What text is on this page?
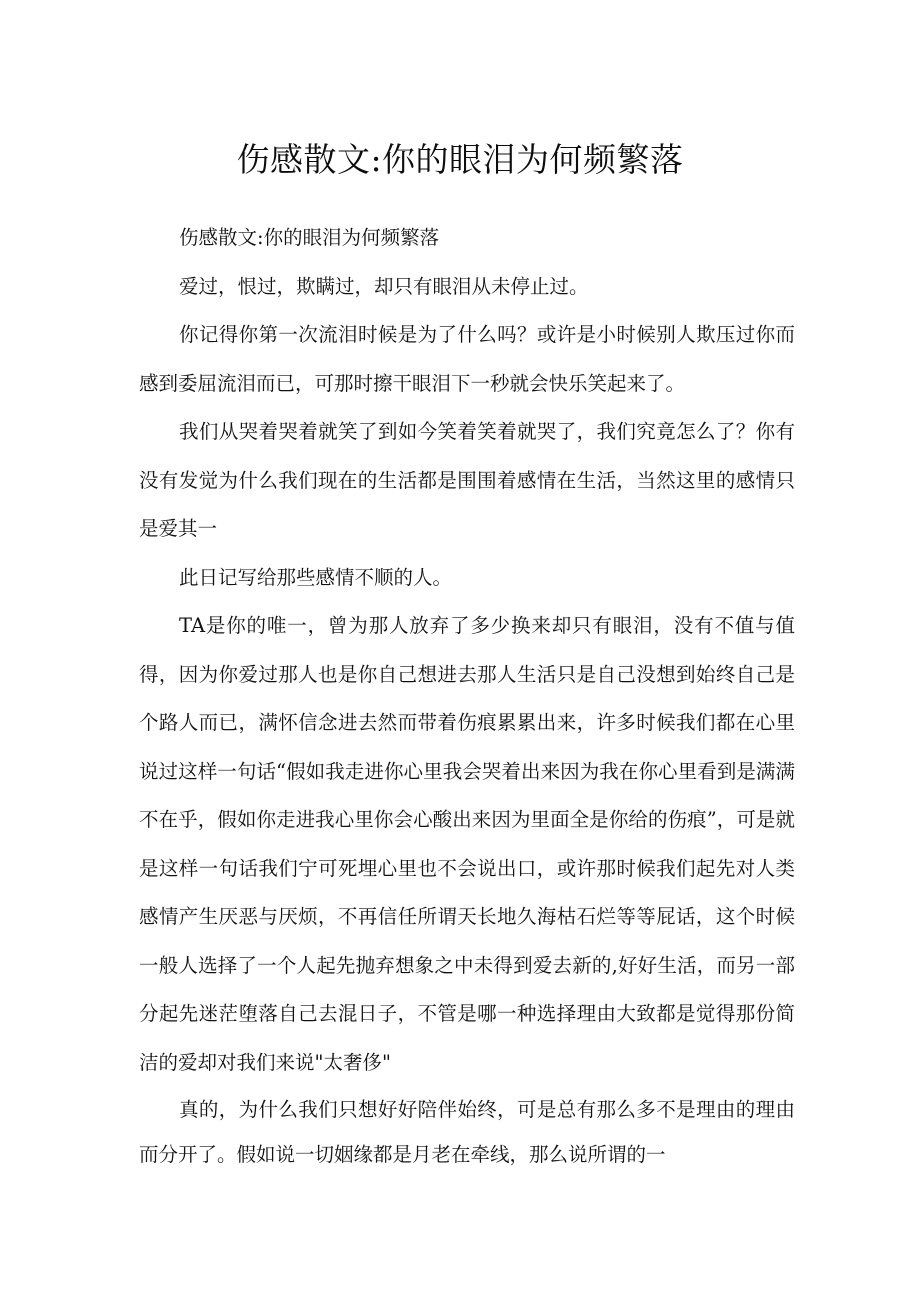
伤感散文:你的眼泪为何频繁落

伤感散文:你的眼泪为何频繁落

爱过，恨过，欺瞒过，却只有眼泪从未停止过。

你记得你第一次流泪时候是为了什么吗？或许是小时候别人欺压过你而感到委屈流泪而已，可那时擦干眼泪下一秒就会快乐笑起来了。

我们从哭着哭着就笑了到如今笑着笑着就哭了，我们究竟怎么了？你有没有发觉为什么我们现在的生活都是围围着感情在生活，当然这里的感情只是爱其一

此日记写给那些感情不顺的人。

TA是你的唯一，曾为那人放弃了多少换来却只有眼泪，没有不值与值得，因为你爱过那人也是你自己想进去那人生活只是自己没想到始终自己是个路人而已，满怀信念进去然而带着伤痕累累出来，许多时候我们都在心里说过这样一句话“假如我走进你心里我会哭着出来因为我在你心里看到是满满不在乎，假如你走进我心里你会心酸出来因为里面全是你给的伤痕”，可是就是这样一句话我们宁可死埋心里也不会说出口，或许那时候我们起先对人类感情产生厌恶与厌烦，不再信任所谓天长地久海枯石烂等等屁话，这个时候一般人选择了一个人起先抛弃想象之中未得到爱去新的,好好生活，而另一部分起先迷茫堕落自己去混日子，不管是哪一种选择理由大致都是觉得那份简洁的爱却对我们来说"太奢侈"

真的，为什么我们只想好好陪伴始终，可是总有那么多不是理由的理由而分开了。假如说一切姻缘都是月老在牵线，那么说所谓的一
